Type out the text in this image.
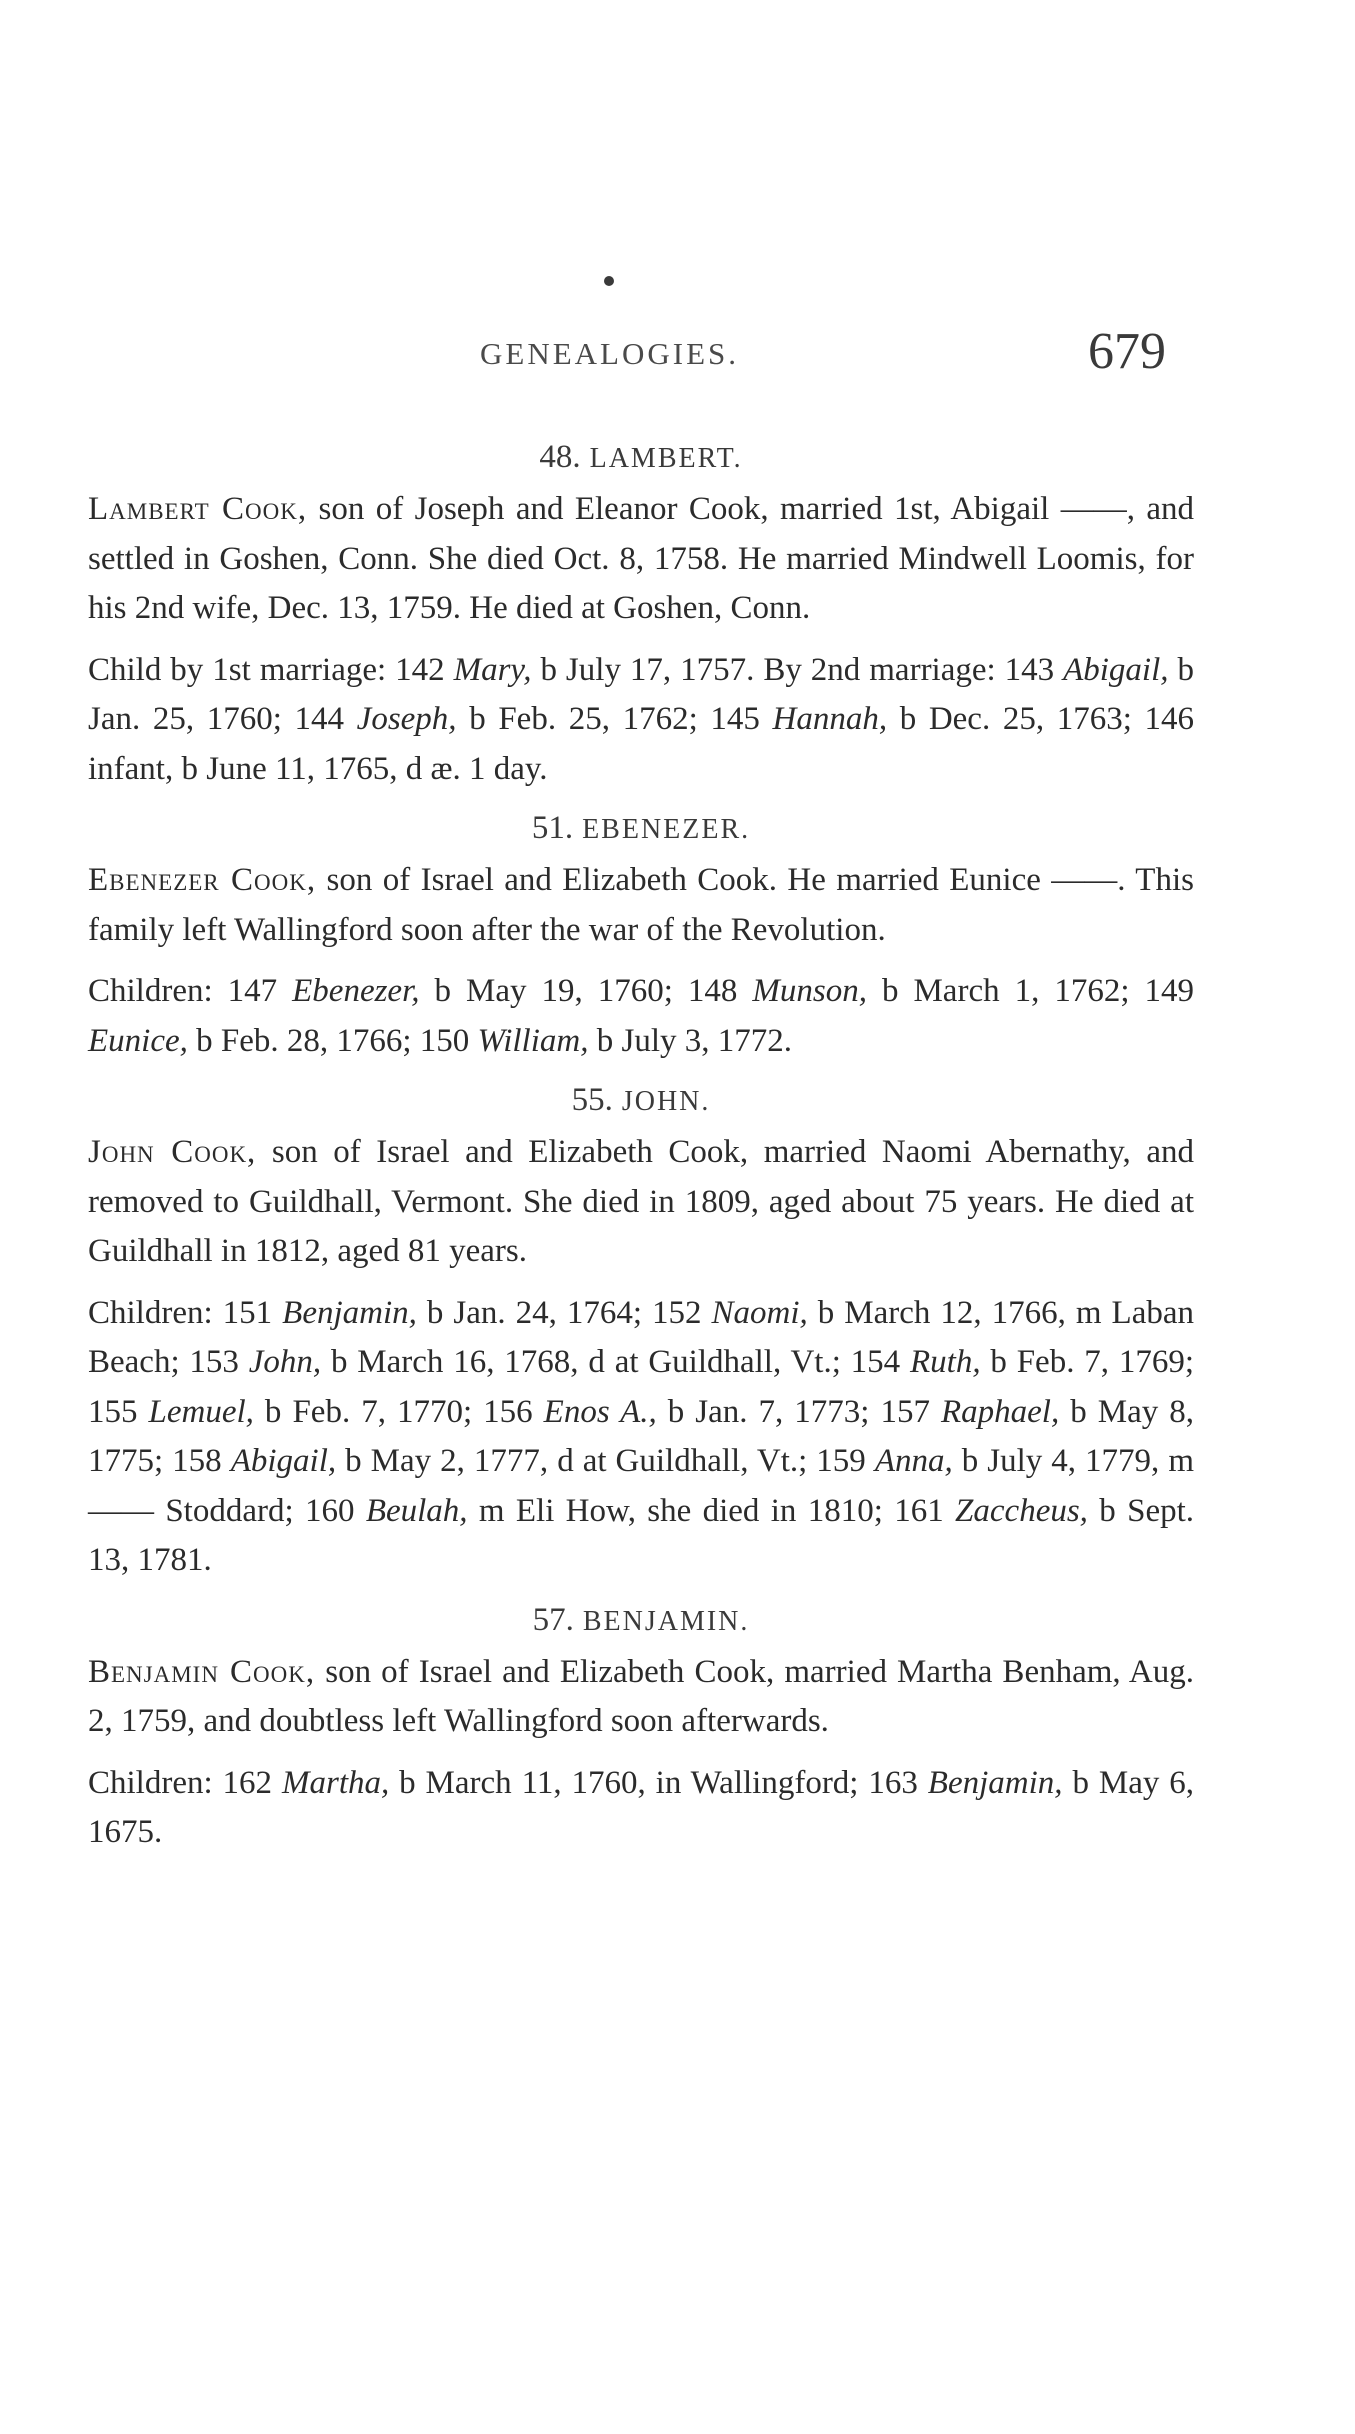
GENEALOGIES.	679
48. LAMBERT.

Lambert Cook, son of Joseph and Eleanor Cook, married 1st, Abigail ——, and settled in Goshen, Conn. She died Oct. 8, 1758. He married Mindwell Loomis, for his 2nd wife, Dec. 13, 1759. He died at Goshen, Conn.

Child by 1st marriage: 142 Mary, b July 17, 1757. By 2nd marriage: 143 Abigail, b Jan. 25, 1760; 144 Joseph, b Feb. 25, 1762; 145 Hannah, b Dec. 25, 1763; 146 infant, b June 11, 1765, d æ. 1 day.

51. EBENEZER.

Ebenezer Cook, son of Israel and Elizabeth Cook. He married Eunice ——. This family left Wallingford soon after the war of the Revolution.

Children: 147 Ebenezer, b May 19, 1760; 148 Munson, b March 1, 1762; 149 Eunice, b Feb. 28, 1766; 150 William, b July 3, 1772.

55. JOHN.

John Cook, son of Israel and Elizabeth Cook, married Naomi Abernathy, and removed to Guildhall, Vermont. She died in 1809, aged about 75 years. He died at Guildhall in 1812, aged 81 years.

Children: 151 Benjamin, b Jan. 24, 1764; 152 Naomi, b March 12, 1766, m Laban Beach; 153 John, b March 16, 1768, d at Guildhall, Vt.; 154 Ruth, b Feb. 7, 1769; 155 Lemuel, b Feb. 7, 1770; 156 Enos A., b Jan. 7, 1773; 157 Raphael, b May 8, 1775; 158 Abigail, b May 2, 1777, d at Guildhall, Vt.; 159 Anna, b July 4, 1779, m —— Stoddard; 160 Beulah, m Eli How, she died in 1810; 161 Zaccheus, b Sept. 13, 1781.

57. BENJAMIN.

Benjamin Cook, son of Israel and Elizabeth Cook, married Martha Benham, Aug. 2, 1759, and doubtless left Wallingford soon afterwards.

Children: 162 Martha, b March 11, 1760, in Wallingford; 163 Benjamin, b May 6, 1675.
